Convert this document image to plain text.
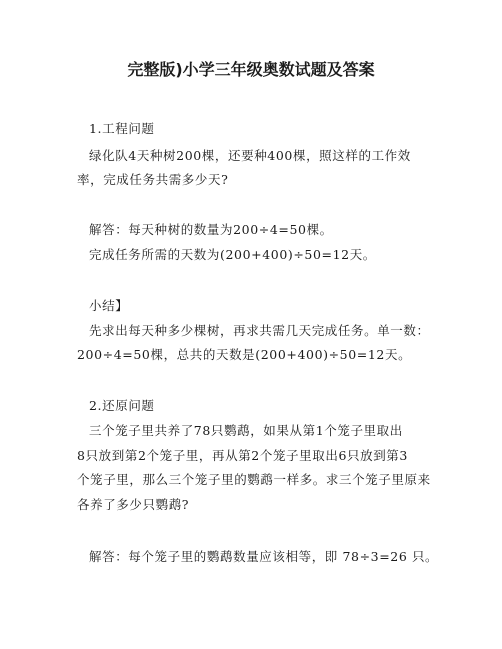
完整版)小学三年级奥数试题及答案
1.工程问题
绿化队4天种树200棵，还要种400棵，照这样的工作效
率，完成任务共需多少天?
解答：每天种树的数量为200÷4=50棵。
完成任务所需的天数为(200+400)÷50=12天。
小结】
先求出每天种多少棵树，再求共需几天完成任务。单一数：
200÷4=50棵，总共的天数是(200+400)÷50=12天。
2.还原问题
三个笼子里共养了78只鹦鹉，如果从第1个笼子里取出
8只放到第2个笼子里，再从第2个笼子里取出6只放到第3
个笼子里，那么三个笼子里的鹦鹉一样多。求三个笼子里原来
各养了多少只鹦鹉?
解答：每个笼子里的鹦鹉数量应该相等，即 78÷3=26 只。
